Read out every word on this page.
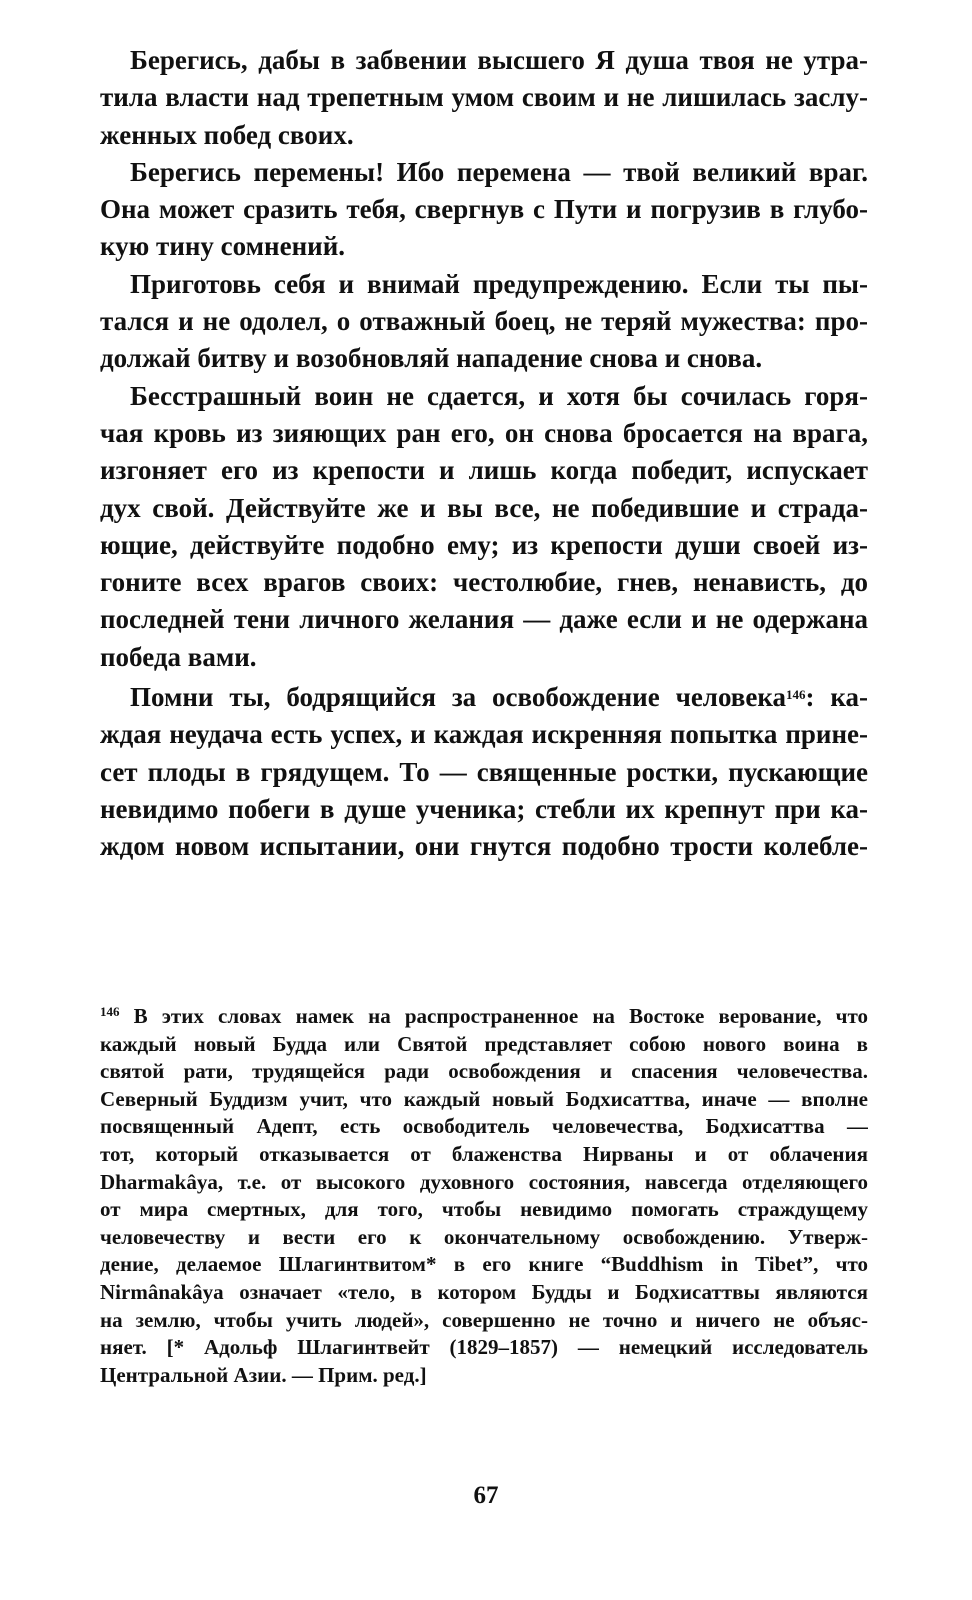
Берегись, дабы в забвении высшего Я душа твоя не утра-
тила власти над трепетным умом своим и не лишилась заслу-
женных побед своих.
Берегись перемены! Ибо перемена — твой великий враг.
Она может сразить тебя, свергнув с Пути и погрузив в глубо-
кую тину сомнений.
Приготовь себя и внимай предупреждению. Если ты пы-
тался и не одолел, о отважный боец, не теряй мужества: про-
должай битву и возобновляй нападение снова и снова.
Бесстрашный воин не сдается, и хотя бы сочилась горя-
чая кровь из зияющих ран его, он снова бросается на врага,
изгоняет его из крепости и лишь когда победит, испускает
дух свой. Действуйте же и вы все, не победившие и страда-
ющие, действуйте подобно ему; из крепости души своей из-
гоните всех врагов своих: честолюбие, гнев, ненависть, до
последней тени личного желания — даже если и не одержана
победа вами.
Помни ты, бодрящийся за освобождение человека$^{146}$: ка-
ждая неудача есть успех, и каждая искренняя попытка прине-
сет плоды в грядущем. То — священные ростки, пускающие
невидимо побеги в душе ученика; стебли их крепнут при ка-
ждом новом испытании, они гнутся подобно трости колебле-
$^{146}$ В этих словах намек на распространенное на Востоке верование, что
каждый новый Будда или Святой представляет собою нового воина в
святой рати, трудящейся ради освобождения и спасения человечества.
Северный Буддизм учит, что каждый новый Бодхисаттва, иначе — вполне
посвященный Адепт, есть освободитель человечества, Бодхисаттва —
тот, который отказывается от блаженства Нирваны и от облачения
Dharmakâya, т.е. от высокого духовного состояния, навсегда отделяющего
от мира смертных, для того, чтобы невидимо помогать страждущему
человечеству и вести его к окончательному освобождению. Утверж-
дение, делаемое Шлагинтвитом* в его книге “Buddhism in Tibet”, что
Nirmânakâya означает «тело, в котором Будды и Бодхисаттвы являются
на землю, чтобы учить людей», совершенно не точно и ничего не объяс-
няет. [* Адольф Шлагинтвейт (1829–1857) — немецкий исследователь
Центральной Азии. — Прим. ред.]
67
